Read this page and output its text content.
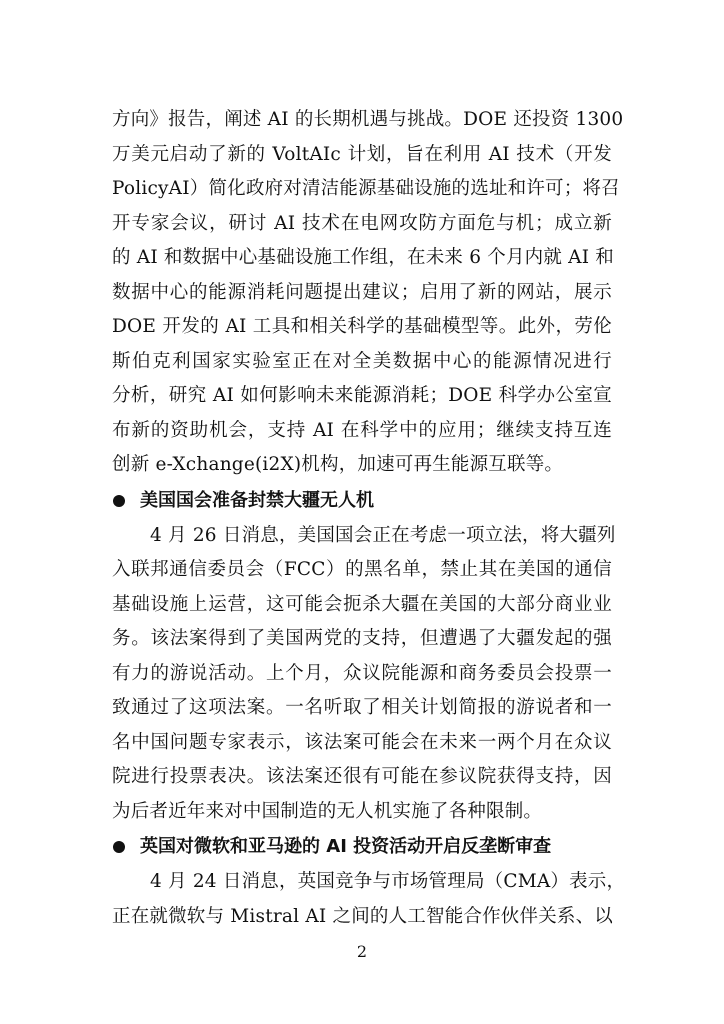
方向》报告，阐述 AI 的长期机遇与挑战。DOE 还投资 1300
万美元启动了新的 VoltAIc 计划，旨在利用 AI 技术（开发
PolicyAI）简化政府对清洁能源基础设施的选址和许可；将召
开专家会议，研讨 AI 技术在电网攻防方面危与机；成立新
的 AI 和数据中心基础设施工作组，在未来 6 个月内就 AI 和
数据中心的能源消耗问题提出建议；启用了新的网站，展示
DOE 开发的 AI 工具和相关科学的基础模型等。此外，劳伦
斯伯克利国家实验室正在对全美数据中心的能源情况进行
分析，研究 AI 如何影响未来能源消耗；DOE 科学办公室宣
布新的资助机会，支持 AI 在科学中的应用；继续支持互连
创新 e-Xchange(i2X)机构，加速可再生能源互联等。
美国国会准备封禁大疆无人机
4 月 26 日消息，美国国会正在考虑一项立法，将大疆列
入联邦通信委员会（FCC）的黑名单，禁止其在美国的通信
基础设施上运营，这可能会扼杀大疆在美国的大部分商业业
务。该法案得到了美国两党的支持，但遭遇了大疆发起的强
有力的游说活动。上个月，众议院能源和商务委员会投票一
致通过了这项法案。一名听取了相关计划简报的游说者和一
名中国问题专家表示，该法案可能会在未来一两个月在众议
院进行投票表决。该法案还很有可能在参议院获得支持，因
为后者近年来对中国制造的无人机实施了各种限制。
英国对微软和亚马逊的 AI 投资活动开启反垄断审查
4 月 24 日消息，英国竞争与市场管理局（CMA）表示，
正在就微软与 Mistral AI 之间的人工智能合作伙伴关系、以
2
